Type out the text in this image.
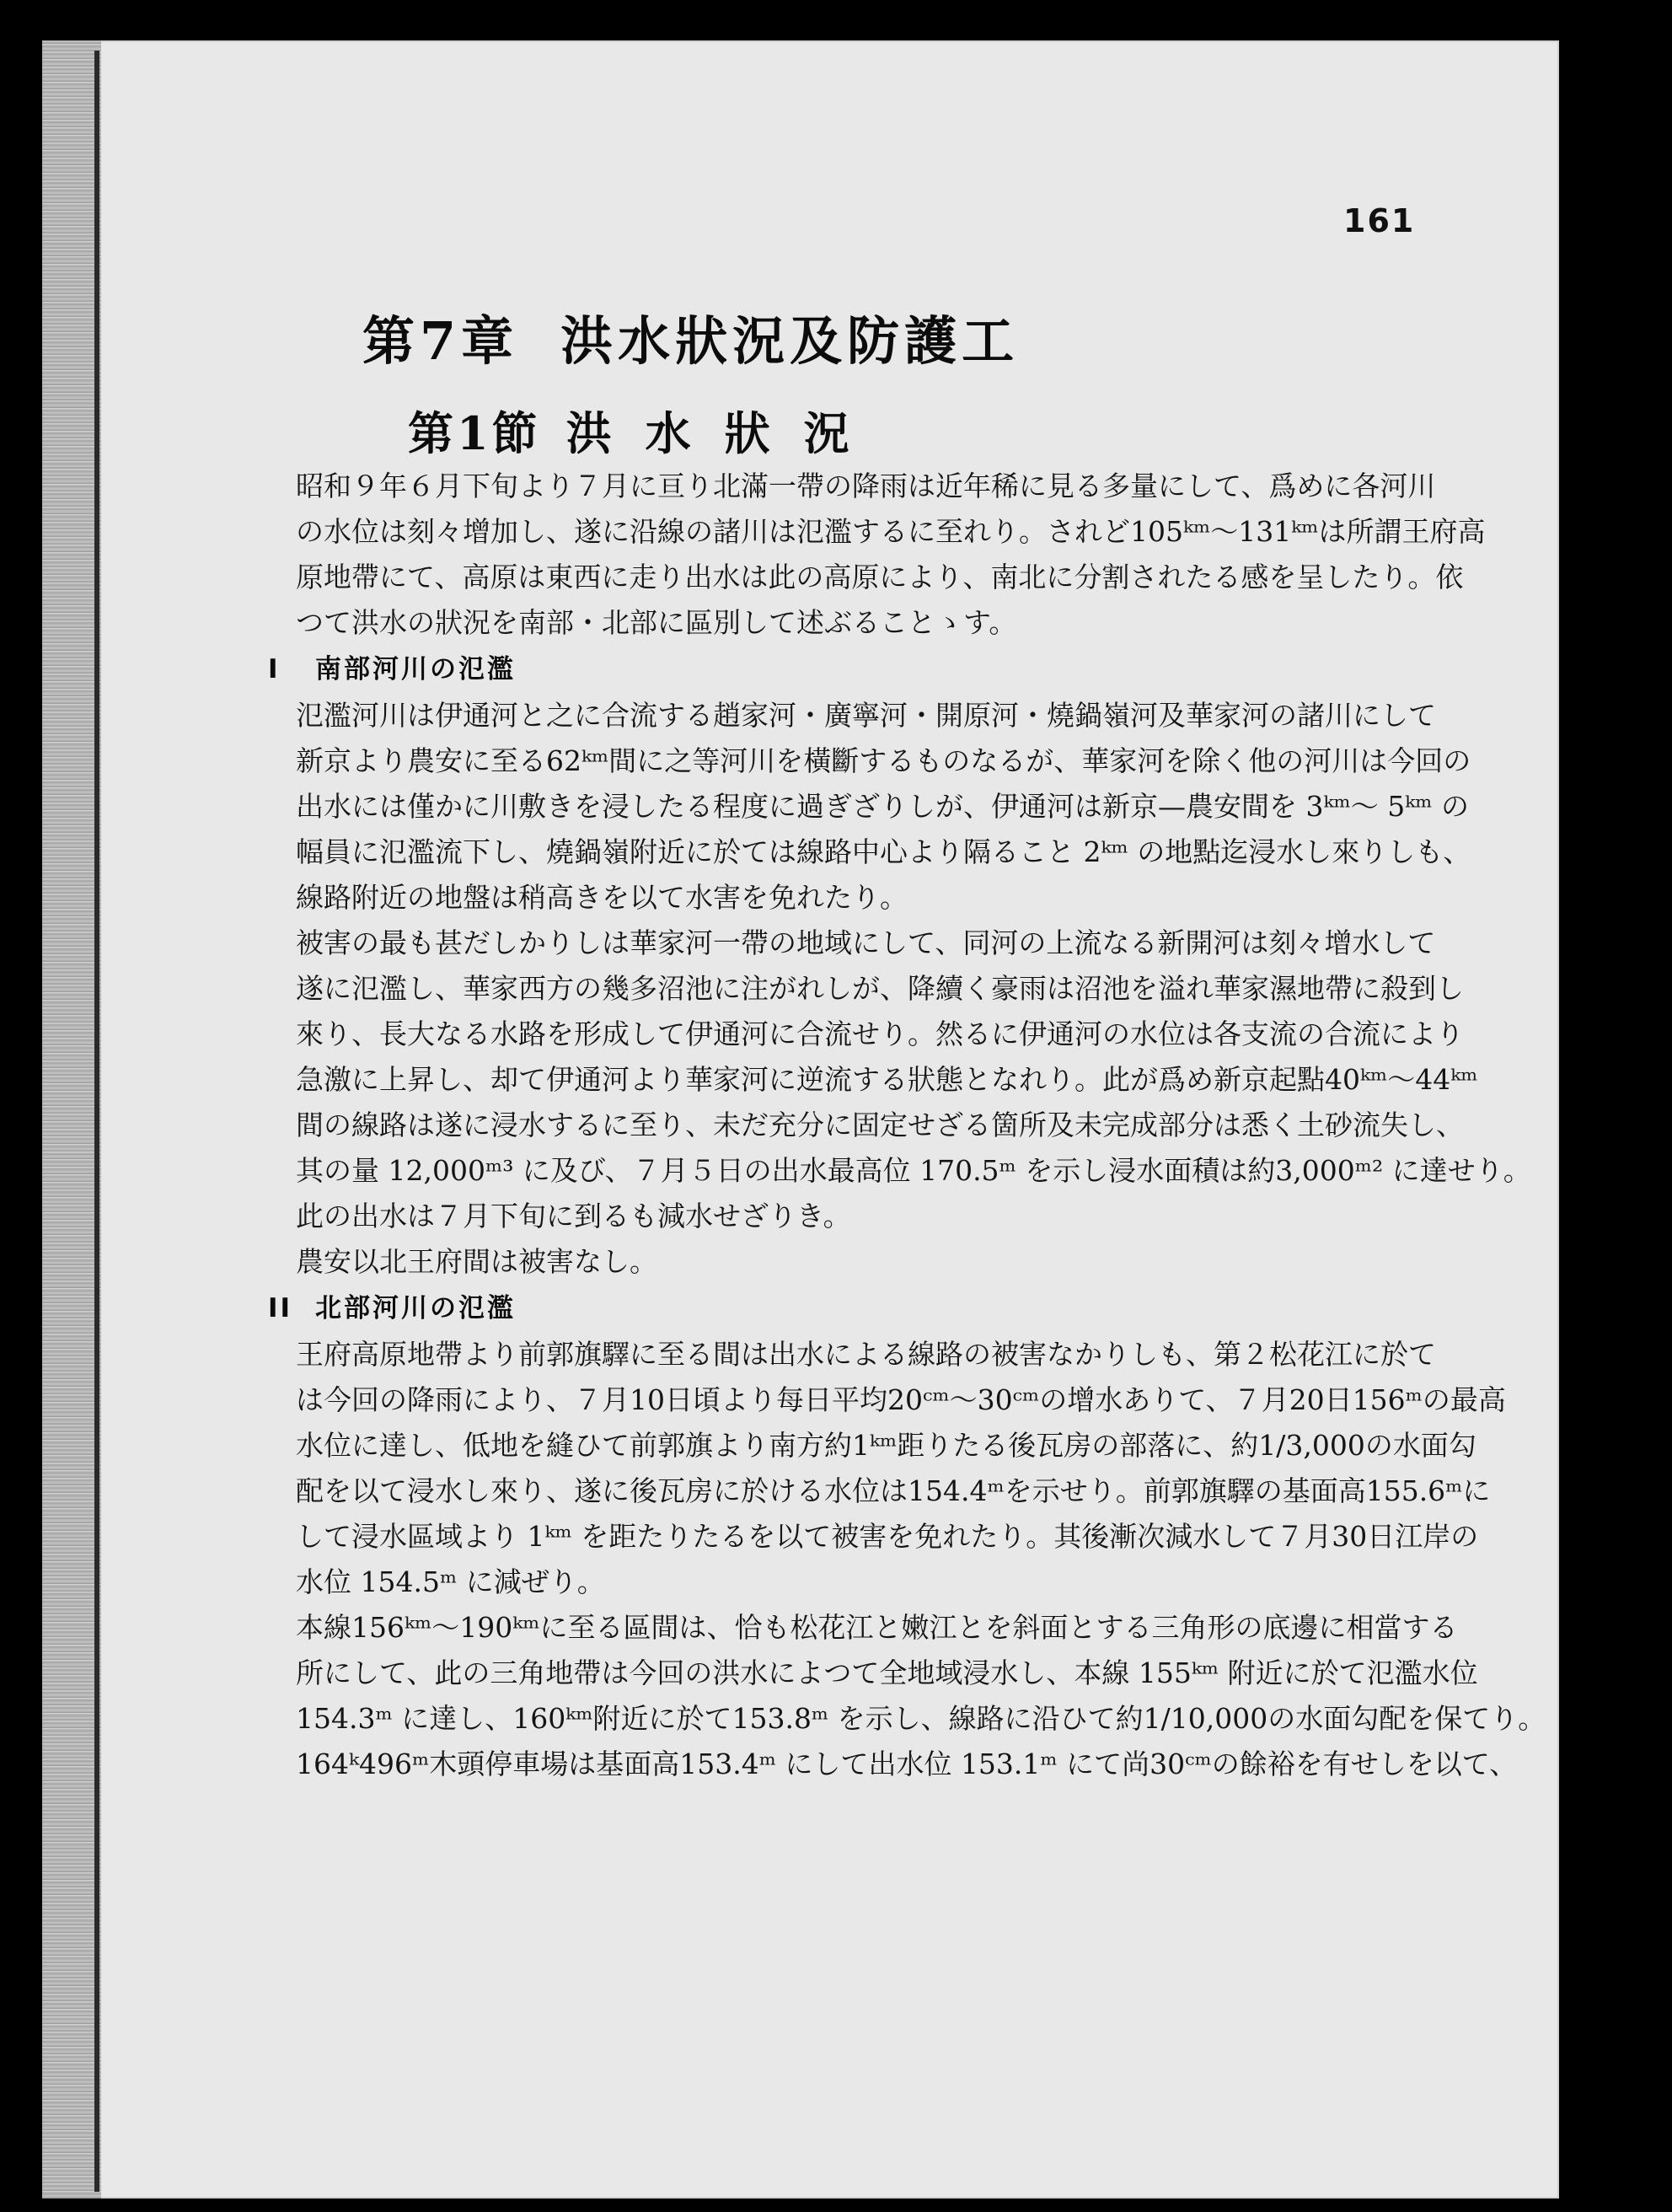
161
第7章 洪水狀況及防護工
第1節 洪水狀況
昭和９年６月下旬より７月に亘り北滿一帶の降雨は近年稀に見る多量にして、爲めに各河川
の水位は刻々增加し、遂に沿線の諸川は氾濫するに至れり。されど105ᵏᵐ〜131ᵏᵐは所謂王府高
原地帶にて、高原は東西に走り出水は此の高原により、南北に分割されたる感を呈したり。依
つて洪水の狀況を南部・北部に區別して述ぶることゝす。
I 南部河川の氾濫
氾濫河川は伊通河と之に合流する趙家河・廣寧河・開原河・燒鍋嶺河及華家河の諸川にして
新京より農安に至る62ᵏᵐ間に之等河川を橫斷するものなるが、華家河を除く他の河川は今回の
出水には僅かに川敷きを浸したる程度に過ぎざりしが、伊通河は新京—農安間を 3ᵏᵐ〜 5ᵏᵐ の
幅員に氾濫流下し、燒鍋嶺附近に於ては線路中心より隔ること 2ᵏᵐ の地點迄浸水し來りしも、
線路附近の地盤は稍高きを以て水害を免れたり。
被害の最も甚だしかりしは華家河一帶の地域にして、同河の上流なる新開河は刻々增水して
遂に氾濫し、華家西方の幾多沼池に注がれしが、降續く豪雨は沼池を溢れ華家濕地帶に殺到し
來り、長大なる水路を形成して伊通河に合流せり。然るに伊通河の水位は各支流の合流により
急激に上昇し、却て伊通河より華家河に逆流する狀態となれり。此が爲め新京起點40ᵏᵐ〜44ᵏᵐ
間の線路は遂に浸水するに至り、未だ充分に固定せざる箇所及未完成部分は悉く土砂流失し、
其の量 12,000ᵐ³ に及び、７月５日の出水最高位 170.5ᵐ を示し浸水面積は約3,000ᵐ² に達せり。
此の出水は７月下旬に到るも減水せざりき。
農安以北王府間は被害なし。
II 北部河川の氾濫
王府高原地帶より前郭旗驛に至る間は出水による線路の被害なかりしも、第２松花江に於て
は今回の降雨により、７月10日頃より每日平均20ᶜᵐ〜30ᶜᵐの增水ありて、７月20日156ᵐの最高
水位に達し、低地を縫ひて前郭旗より南方約1ᵏᵐ距りたる後瓦房の部落に、約1/3,000の水面勾
配を以て浸水し來り、遂に後瓦房に於ける水位は154.4ᵐを示せり。前郭旗驛の基面高155.6ᵐに
して浸水區域より 1ᵏᵐ を距たりたるを以て被害を免れたり。其後漸次減水して７月30日江岸の
水位 154.5ᵐ に減ぜり。
本線156ᵏᵐ〜190ᵏᵐに至る區間は、恰も松花江と嫩江とを斜面とする三角形の底邊に相當する
所にして、此の三角地帶は今回の洪水によつて全地域浸水し、本線 155ᵏᵐ 附近に於て氾濫水位
154.3ᵐ に達し、160ᵏᵐ附近に於て153.8ᵐ を示し、線路に沿ひて約1/10,000の水面勾配を保てり。
164ᵏ496ᵐ木頭停車場は基面高153.4ᵐ にして出水位 153.1ᵐ にて尚30ᶜᵐの餘裕を有せしを以て、
